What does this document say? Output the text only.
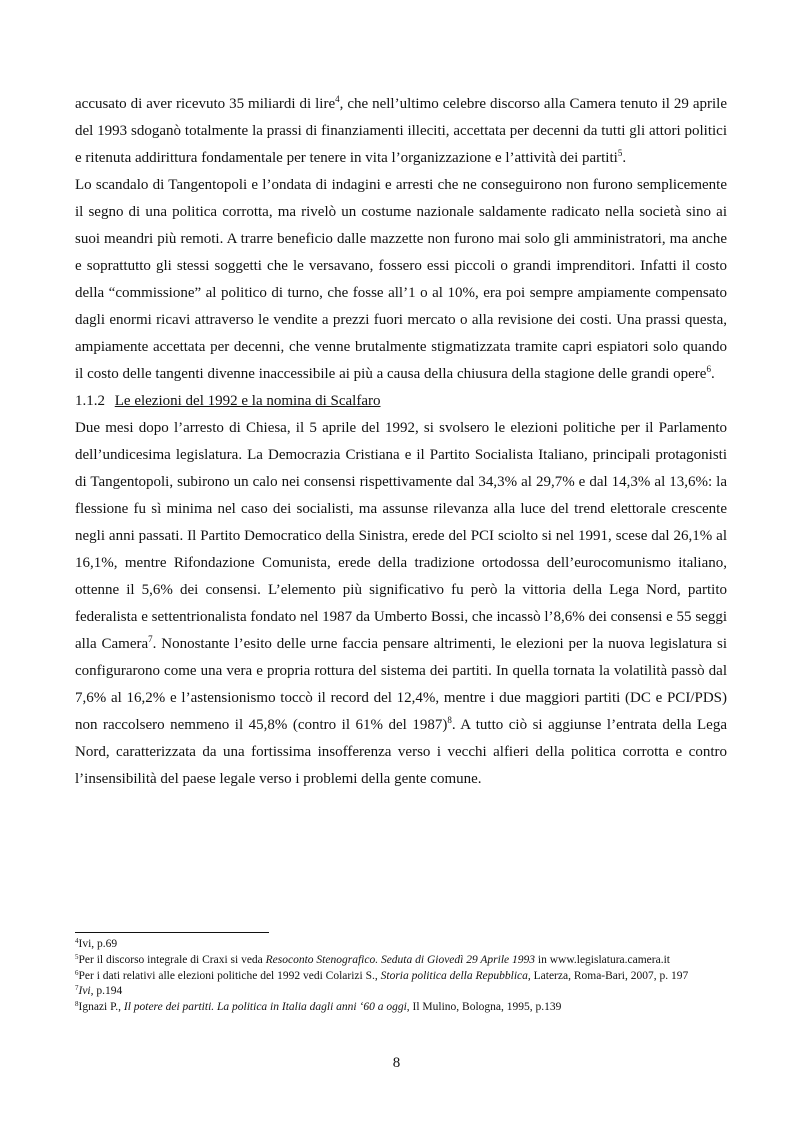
accusato di aver ricevuto 35 miliardi di lire$^4$, che nell’ultimo celebre discorso alla Camera tenuto il 29 aprile del 1993 sdoganò totalmente la prassi di finanziamenti illeciti, accettata per decenni da tutti gli attori politici e ritenuta addirittura fondamentale per tenere in vita l’organizzazione e l’attività dei partiti$^5$.

Lo scandalo di Tangentopoli e l’ondata di indagini e arresti che ne conseguirono non furono semplicemente il segno di una politica corrotta, ma rivelò un costume nazionale saldamente radicato nella società sino ai suoi meandri più remoti. A trarre beneficio dalle mazzette non furono mai solo gli amministratori, ma anche e soprattutto gli stessi soggetti che le versavano, fossero essi piccoli o grandi imprenditori. Infatti il costo della “commissione” al politico di turno, che fosse all’1 o al 10%, era poi sempre ampiamente compensato dagli enormi ricavi attraverso le vendite a prezzi fuori mercato o alla revisione dei costi. Una prassi questa, ampiamente accettata per decenni, che venne brutalmente stigmatizzata tramite capri espiatori solo quando il costo delle tangenti divenne inaccessibile ai più a causa della chiusura della stagione delle grandi opere$^6$.

1.1.2 Le elezioni del 1992 e la nomina di Scalfaro

Due mesi dopo l’arresto di Chiesa, il 5 aprile del 1992, si svolsero le elezioni politiche per il Parlamento dell’undicesima legislatura. La Democrazia Cristiana e il Partito Socialista Italiano, principali protagonisti di Tangentopoli, subirono un calo nei consensi rispettivamente dal 34,3% al 29,7% e dal 14,3% al 13,6%: la flessione fu sì minima nel caso dei socialisti, ma assunse rilevanza alla luce del trend elettorale crescente negli anni passati. Il Partito Democratico della Sinistra, erede del PCI sciolto si nel 1991, scese dal 26,1% al 16,1%, mentre Rifondazione Comunista, erede della tradizione ortodossa dell’eurocomunismo italiano, ottenne il 5,6% dei consensi. L’elemento più significativo fu però la vittoria della Lega Nord, partito federalista e settentrionalista fondato nel 1987 da Umberto Bossi, che incassò l’8,6% dei consensi e 55 seggi alla Camera$^7$. Nonostante l’esito delle urne faccia pensare altrimenti, le elezioni per la nuova legislatura si configurarono come una vera e propria rottura del sistema dei partiti. In quella tornata la volatilità passò dal 7,6% al 16,2% e l’astensionismo toccò il record del 12,4%, mentre i due maggiori partiti (DC e PCI/PDS) non raccolsero nemmeno il 45,8% (contro il 61% del 1987)$^8$. A tutto ciò si aggiunse l’entrata della Lega Nord, caratterizzata da una fortissima insofferenza verso i vecchi alfieri della politica corrotta e contro l’insensibilità del paese legale verso i problemi della gente comune.

$^4$Ivi, p.69

$^5$Per il discorso integrale di Craxi si veda Resoconto Stenografico. Seduta di Giovedì 29 Aprile 1993 in www.legislatura.camera.it

$^6$Per i dati relativi alle elezioni politiche del 1992 vedi Colarizi S., Storia politica della Repubblica, Laterza, Roma-Bari, 2007, p. 197

$^7$Ivi, p.194

$^8$Ignazi P., Il potere dei partiti. La politica in Italia dagli anni ‘60 a oggi, Il Mulino, Bologna, 1995, p.139

8
